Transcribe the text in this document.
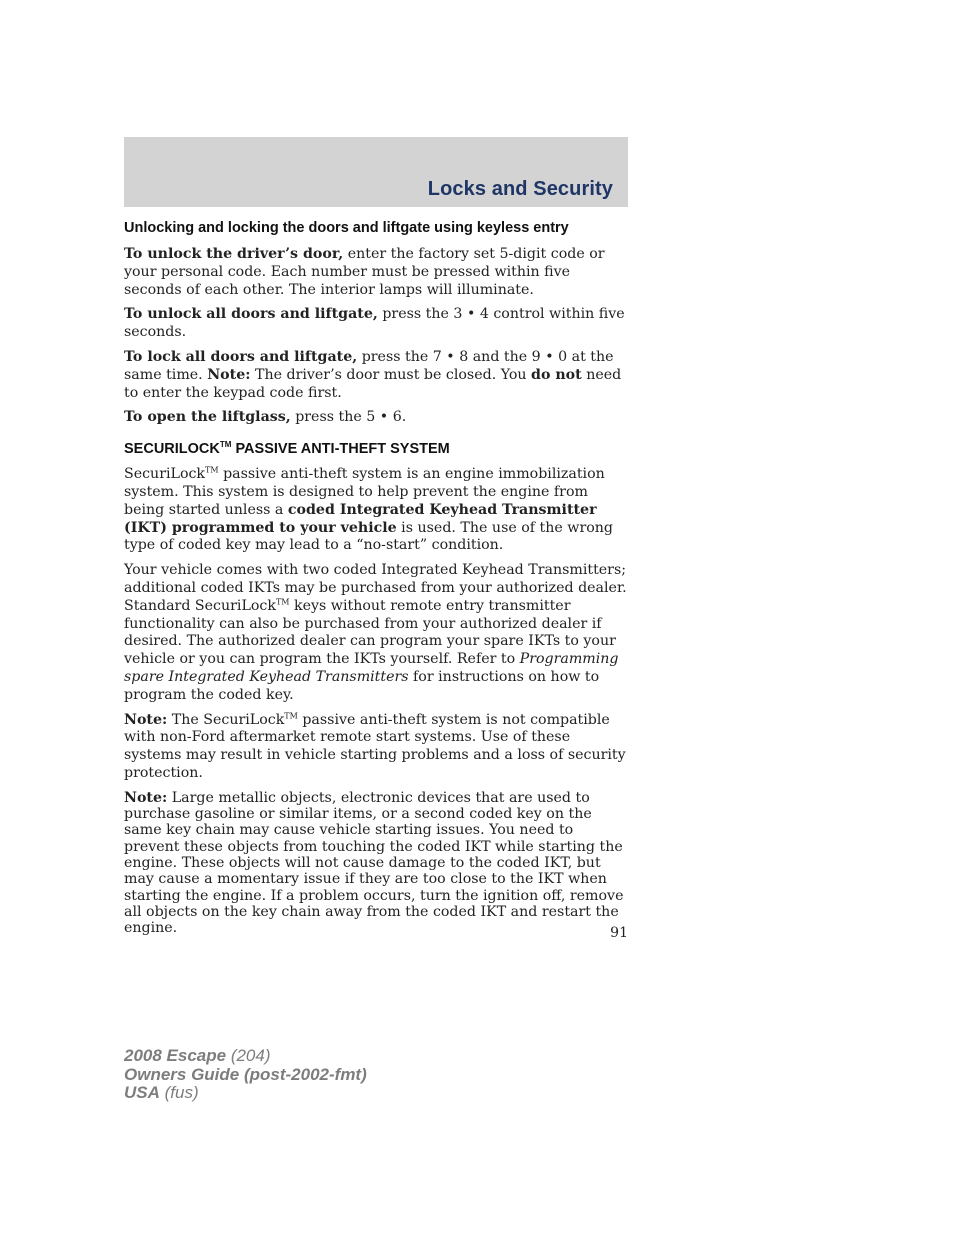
Locks and Security
Unlocking and locking the doors and liftgate using keyless entry

To unlock the driver’s door, enter the factory set 5-digit code or your personal code. Each number must be pressed within five seconds of each other. The interior lamps will illuminate.

To unlock all doors and liftgate, press the 3 • 4 control within five seconds.

To lock all doors and liftgate, press the 7 • 8 and the 9 • 0 at the same time. Note: The driver’s door must be closed. You do not need to enter the keypad code first.

To open the liftglass, press the 5 • 6.

SECURILOCK™ PASSIVE ANTI-THEFT SYSTEM

SecuriLock™ passive anti-theft system is an engine immobilization system. This system is designed to help prevent the engine from being started unless a coded Integrated Keyhead Transmitter (IKT) programmed to your vehicle is used. The use of the wrong type of coded key may lead to a “no-start” condition.

Your vehicle comes with two coded Integrated Keyhead Transmitters; additional coded IKTs may be purchased from your authorized dealer. Standard SecuriLock™ keys without remote entry transmitter functionality can also be purchased from your authorized dealer if desired. The authorized dealer can program your spare IKTs to your vehicle or you can program the IKTs yourself. Refer to Programming spare Integrated Keyhead Transmitters for instructions on how to program the coded key.

Note: The SecuriLock™ passive anti-theft system is not compatible with non-Ford aftermarket remote start systems. Use of these systems may result in vehicle starting problems and a loss of security protection.

Note: Large metallic objects, electronic devices that are used to purchase gasoline or similar items, or a second coded key on the same key chain may cause vehicle starting issues. You need to prevent these objects from touching the coded IKT while starting the engine. These objects will not cause damage to the coded IKT, but may cause a momentary issue if they are too close to the IKT when starting the engine. If a problem occurs, turn the ignition off, remove all objects on the key chain away from the coded IKT and restart the engine.	91
2008 Escape (204)
Owners Guide (post-2002-fmt)
USA (fus)
